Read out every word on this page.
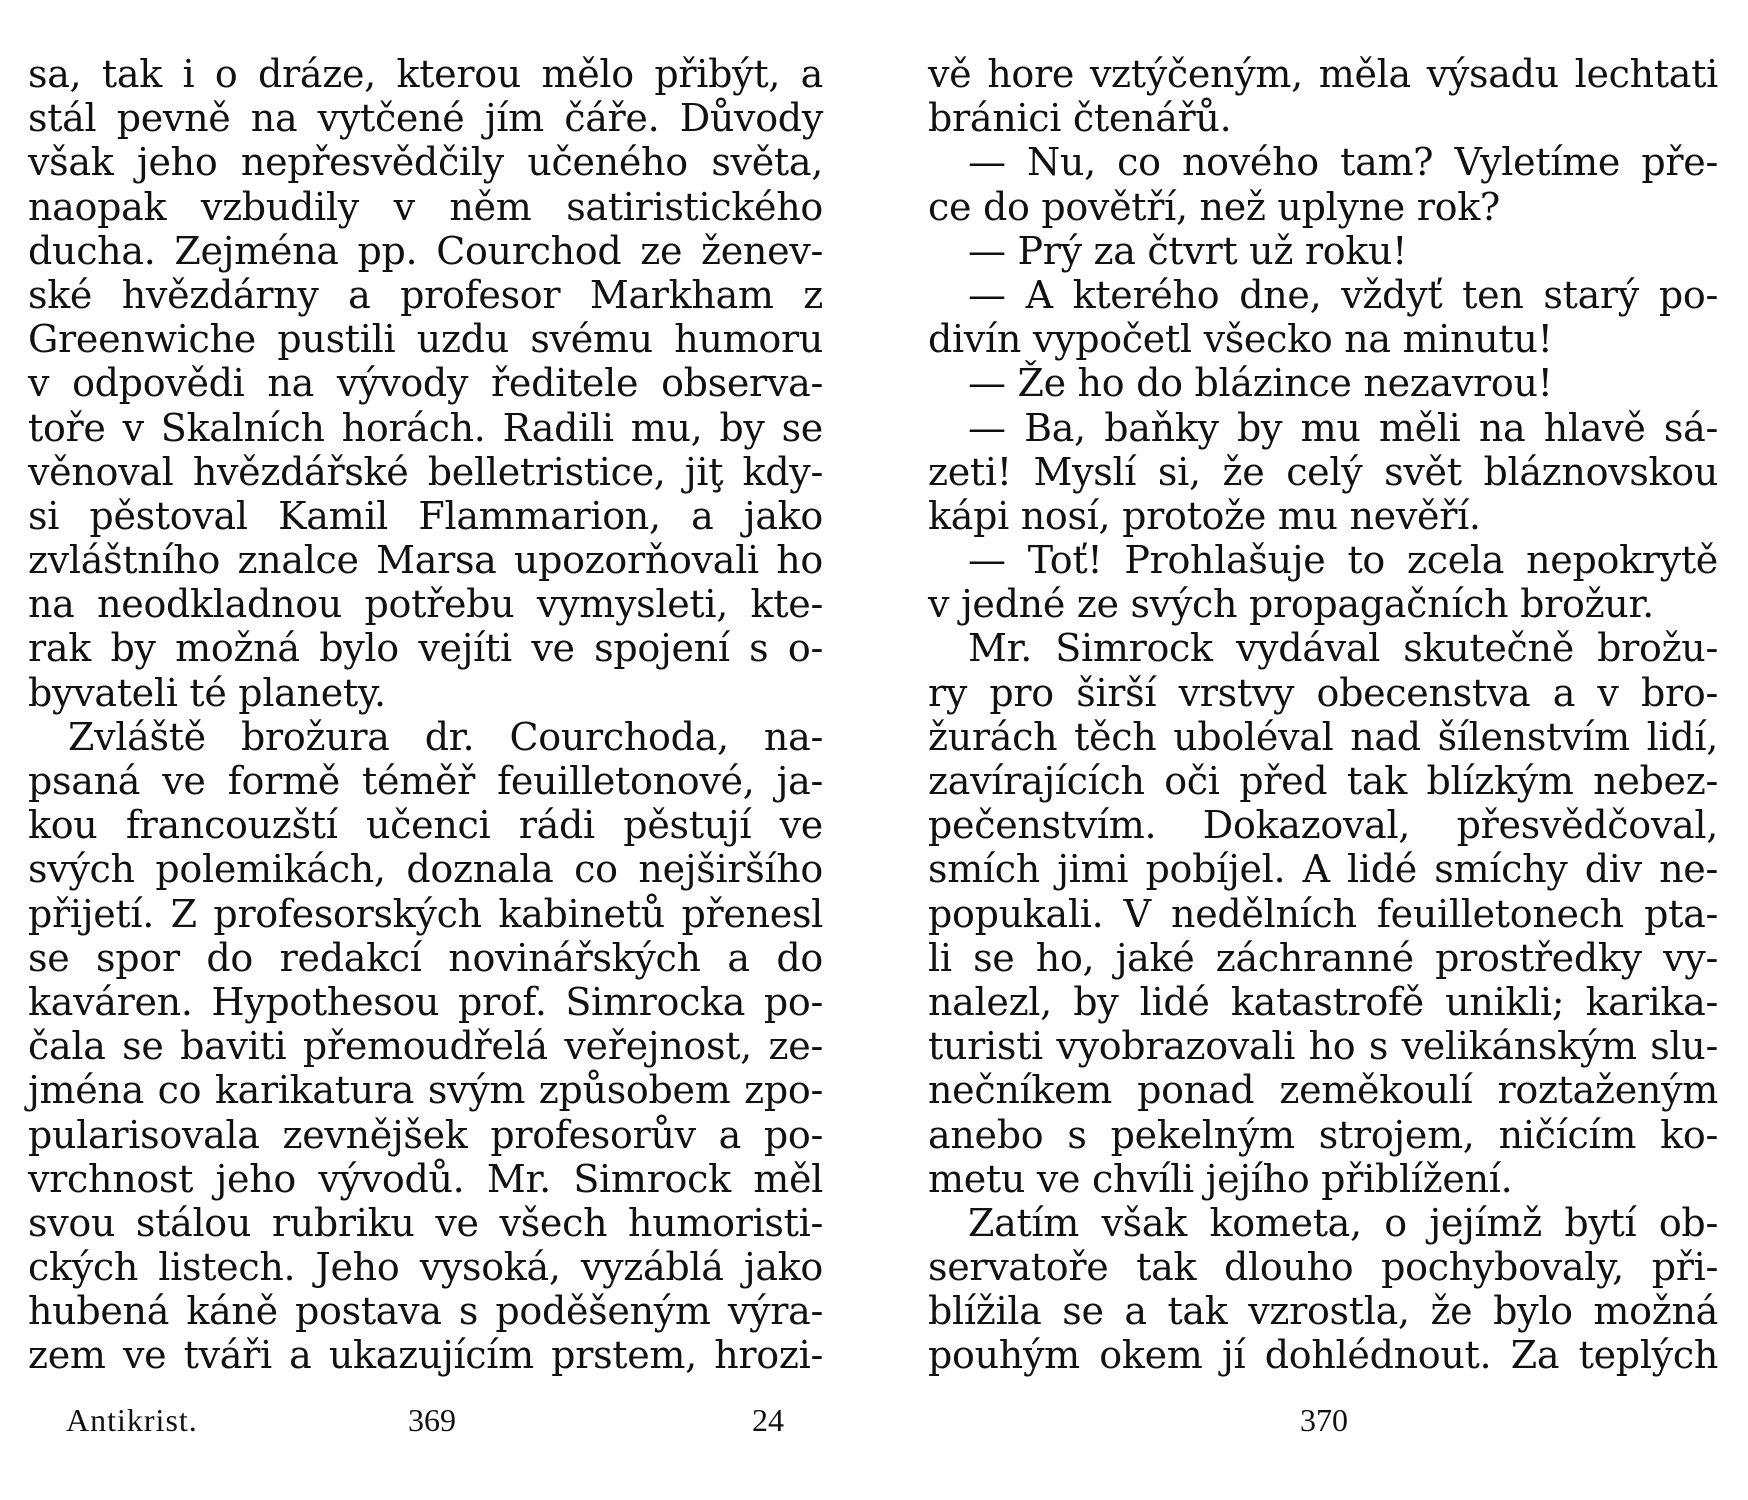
sa, tak i o dráze, kterou mělo přibýt, a
stál pevně na vytčené jím čáře. Důvody
však jeho nepřesvědčily učeného světa,
naopak vzbudily v něm satiristického
ducha. Zejména pp. Courchod ze ženev-
ské hvězdárny a profesor Markham z
Greenwiche pustili uzdu svému humoru
v odpovědi na vývody ředitele observa-
toře v Skalních horách. Radili mu, by se
věnoval hvězdářské belletristice, jiţ kdy-
si pěstoval Kamil Flammarion, a jako
zvláštního znalce Marsa upozorňovali ho
na neodkladnou potřebu vymysleti, kte-
rak by možná bylo vejíti ve spojení s o-
byvateli té planety.
Zvláště brožura dr. Courchoda, na-
psaná ve formě téměř feuilletonové, ja-
kou francouzští učenci rádi pěstují ve
svých polemikách, doznala co nejširšího
přijetí. Z profesorských kabinetů přenesl
se spor do redakcí novinářských a do
kaváren. Hypothesou prof. Simrocka po-
čala se baviti přemoudřelá veřejnost, ze-
jména co karikatura svým způsobem zpo-
pularisovala zevnějšek profesorův a po-
vrchnost jeho vývodů. Mr. Simrock měl
svou stálou rubriku ve všech humoristi-
ckých listech. Jeho vysoká, vyzáblá jako
hubená káně postava s poděšeným výra-
zem ve tváři a ukazujícím prstem, hrozi-
vě hore vztýčeným, měla výsadu lechtati
bránici čtenářů.
— Nu, co nového tam? Vyletíme pře-
ce do povětří, než uplyne rok?
— Prý za čtvrt už roku!
— A kterého dne, vždyť ten starý po-
divín vypočetl všecko na minutu!
— Že ho do blázince nezavrou!
— Ba, baňky by mu měli na hlavě sá-
zeti! Myslí si, že celý svět bláznovskou
kápi nosí, protože mu nevěří.
— Toť! Prohlašuje to zcela nepokrytě
v jedné ze svých propagačních brožur.
Mr. Simrock vydával skutečně brožu-
ry pro širší vrstvy obecenstva a v bro-
žurách těch uboléval nad šílenstvím lidí,
zavírajících oči před tak blízkým nebez-
pečenstvím. Dokazoval, přesvědčoval,
smích jimi pobíjel. A lidé smíchy div ne-
popukali. V nedělních feuilletonech pta-
li se ho, jaké záchranné prostředky vy-
nalezl, by lidé katastrofě unikli; karika-
turisti vyobrazovali ho s velikánským slu-
nečníkem ponad zeměkoulí roztaženým
anebo s pekelným strojem, ničícím ko-
metu ve chvíli jejího přiblížení.
Zatím však kometa, o jejímž bytí ob-
servatoře tak dlouho pochybovaly, při-
blížila se a tak vzrostla, že bylo možná
pouhým okem jí dohlédnout. Za teplých
Antikrist.	369	24	370
